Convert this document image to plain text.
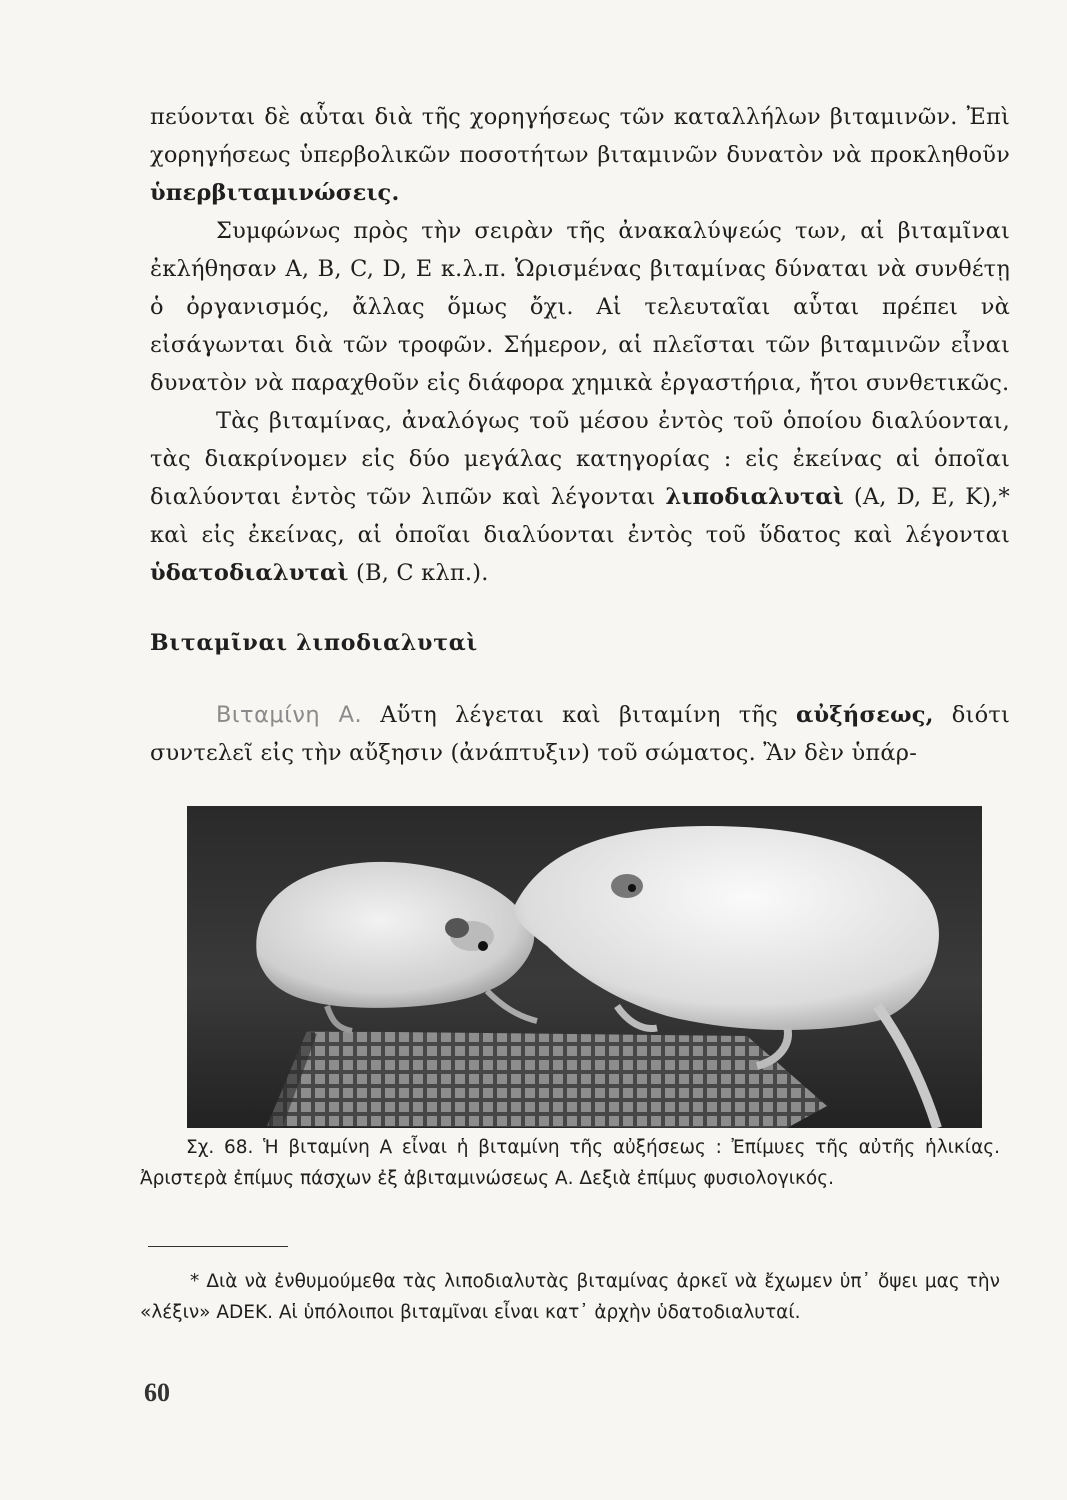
πεύονται δὲ αὗται διὰ τῆς χορηγήσεως τῶν καταλλήλων βιταμινῶν. Ἐπὶ χορηγήσεως ὑπερβολικῶν ποσοτήτων βιταμινῶν δυνατὸν νὰ προκληθοῦν ὑπερβιταμινώσεις.

Συμφώνως πρὸς τὴν σειρὰν τῆς ἀνακαλύψεώς των, αἱ βιταμῖναι ἐκλήθησαν A, B, C, D, E κ.λ.π. Ὡρισμένας βιταμίνας δύναται νὰ συνθέτῃ ὁ ὀργανισμός, ἄλλας ὅμως ὄχι. Αἱ τελευταῖαι αὗται πρέπει νὰ εἰσάγωνται διὰ τῶν τροφῶν. Σήμερον, αἱ πλεῖσται τῶν βιταμινῶν εἶναι δυνατὸν νὰ παραχθοῦν εἰς διάφορα χημικὰ ἐργαστήρια, ἤτοι συνθετικῶς.

Τὰς βιταμίνας, ἀναλόγως τοῦ μέσου ἐντὸς τοῦ ὁποίου διαλύονται, τὰς διακρίνομεν εἰς δύο μεγάλας κατηγορίας : εἰς ἐκείνας αἱ ὁποῖαι διαλύονται ἐντὸς τῶν λιπῶν καὶ λέγονται λιποδιαλυταὶ (A, D, E, K),* καὶ εἰς ἐκείνας, αἱ ὁποῖαι διαλύονται ἐντὸς τοῦ ὕδατος καὶ λέγονται ὑδατοδιαλυταὶ (B, C κλπ.).

Βιταμῖναι λιποδιαλυταὶ

Βιταμίνη Α. Αὕτη λέγεται καὶ βιταμίνη τῆς αὐξήσεως, διότι συντελεῖ εἰς τὴν αὔξησιν (ἀνάπτυξιν) τοῦ σώματος. Ἂν δὲν ὑπάρ-

Σχ. 68. Ἡ βιταμίνη Α εἶναι ἡ βιταμίνη τῆς αὐξήσεως : Ἐπίμυες τῆς αὐτῆς ἡλικίας. Ἀριστερὰ ἐπίμυς πάσχων ἐξ ἀβιταμινώσεως Α. Δεξιὰ ἐπίμυς φυσιολογικός.
* Διὰ νὰ ἐνθυμούμεθα τὰς λιποδιαλυτὰς βιταμίνας ἀρκεῖ νὰ ἔχωμεν ὑπ᾽ ὄψει μας τὴν «λέξιν» ADEK. Αἱ ὑπόλοιποι βιταμῖναι εἶναι κατ᾽ ἀρχὴν ὑδατοδιαλυταί.
60
